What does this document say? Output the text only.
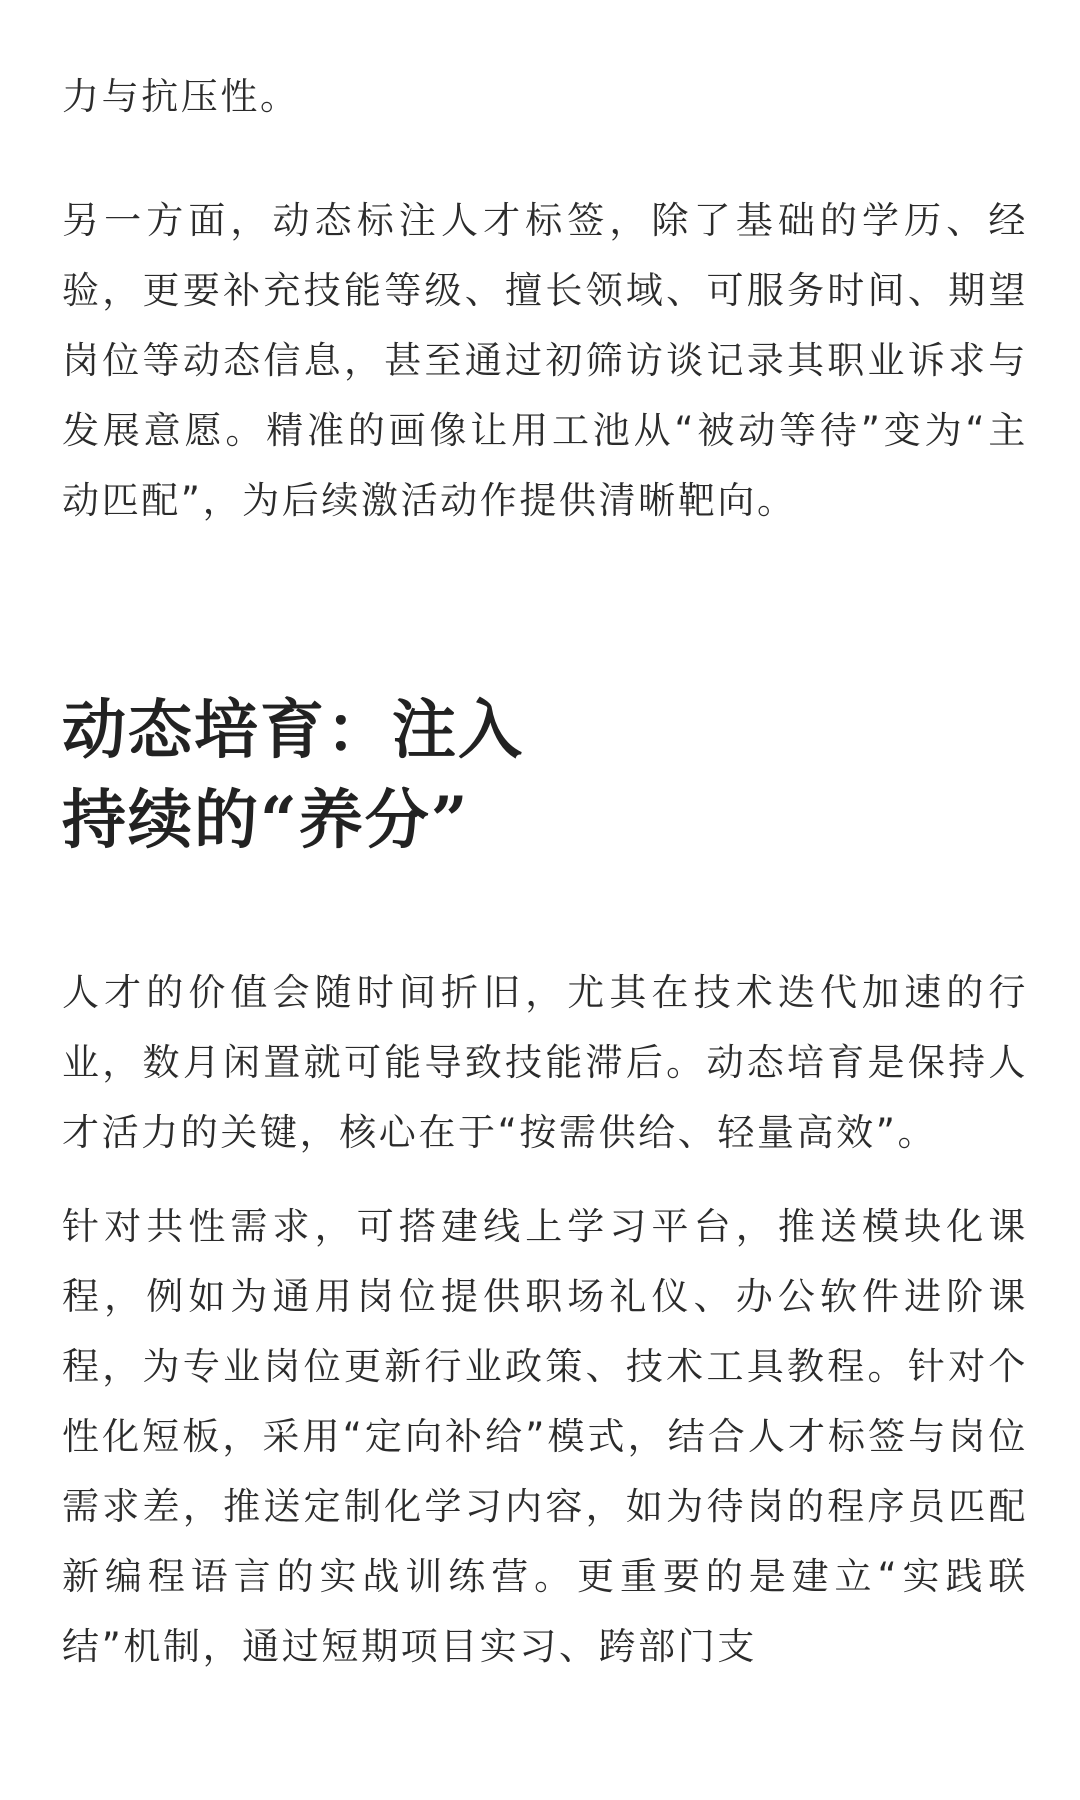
力与抗压性。

另一方面，动态标注人才标签，除了基础的学历、经验，更要补充技能等级、擅长领域、可服务时间、期望岗位等动态信息，甚至通过初筛访谈记录其职业诉求与发展意愿。精准的画像让用工池从“被动等待”变为“主动匹配”，为后续激活动作提供清晰靶向。

动态培育：注入
持续的“养分”

人才的价值会随时间折旧，尤其在技术迭代加速的行业，数月闲置就可能导致技能滞后。动态培育是保持人才活力的关键，核心在于“按需供给、轻量高效”。

针对共性需求，可搭建线上学习平台，推送模块化课程，例如为通用岗位提供职场礼仪、办公软件进阶课程，为专业岗位更新行业政策、技术工具教程。针对个性化短板，采用“定向补给”模式，结合人才标签与岗位需求差，推送定制化学习内容，如为待岗的程序员匹配新编程语言的实战训练营。更重要的是建立“实践联结”机制，通过短期项目实习、跨部门支
